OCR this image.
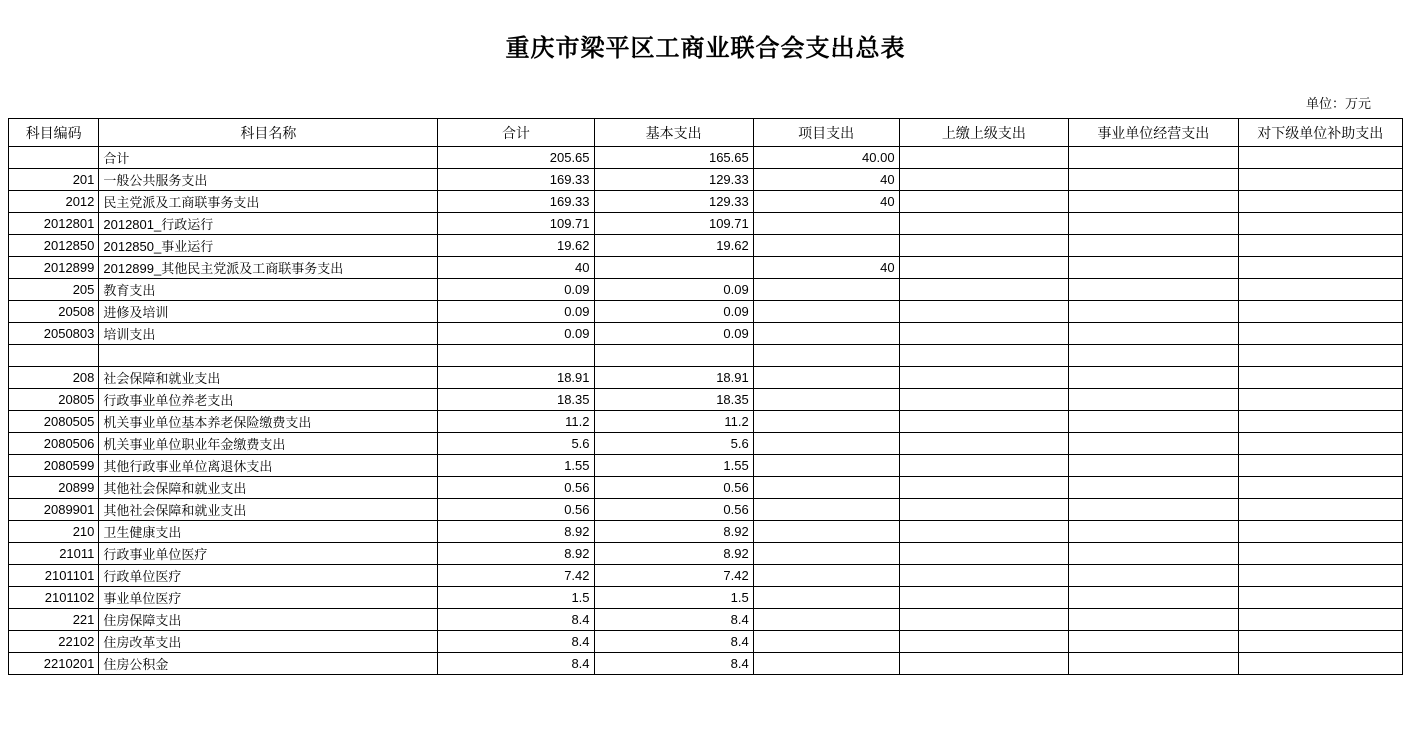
重庆市梁平区工商业联合会支出总表
单位：万元
科目编码	科目名称	合计	基本支出	项目支出	上缴上级支出	事业单位经营支出	对下级单位补助支出
	合计	205.65	165.65	40.00			
201	一般公共服务支出	169.33	129.33	40			
2012	民主党派及工商联事务支出	169.33	129.33	40			
2012801	2012801_行政运行	109.71	109.71				
2012850	2012850_事业运行	19.62	19.62				
2012899	2012899_其他民主党派及工商联事务支出	40		40			
205	教育支出	0.09	0.09				
20508	进修及培训	0.09	0.09				
2050803	培训支出	0.09	0.09				

208	社会保障和就业支出	18.91	18.91				
20805	行政事业单位养老支出	18.35	18.35				
2080505	机关事业单位基本养老保险缴费支出	11.2	11.2				
2080506	机关事业单位职业年金缴费支出	5.6	5.6				
2080599	其他行政事业单位离退休支出	1.55	1.55				
20899	其他社会保障和就业支出	0.56	0.56				
2089901	其他社会保障和就业支出	0.56	0.56				
210	卫生健康支出	8.92	8.92				
21011	行政事业单位医疗	8.92	8.92				
2101101	行政单位医疗	7.42	7.42				
2101102	事业单位医疗	1.5	1.5				
221	住房保障支出	8.4	8.4				
22102	住房改革支出	8.4	8.4				
2210201	住房公积金	8.4	8.4				
